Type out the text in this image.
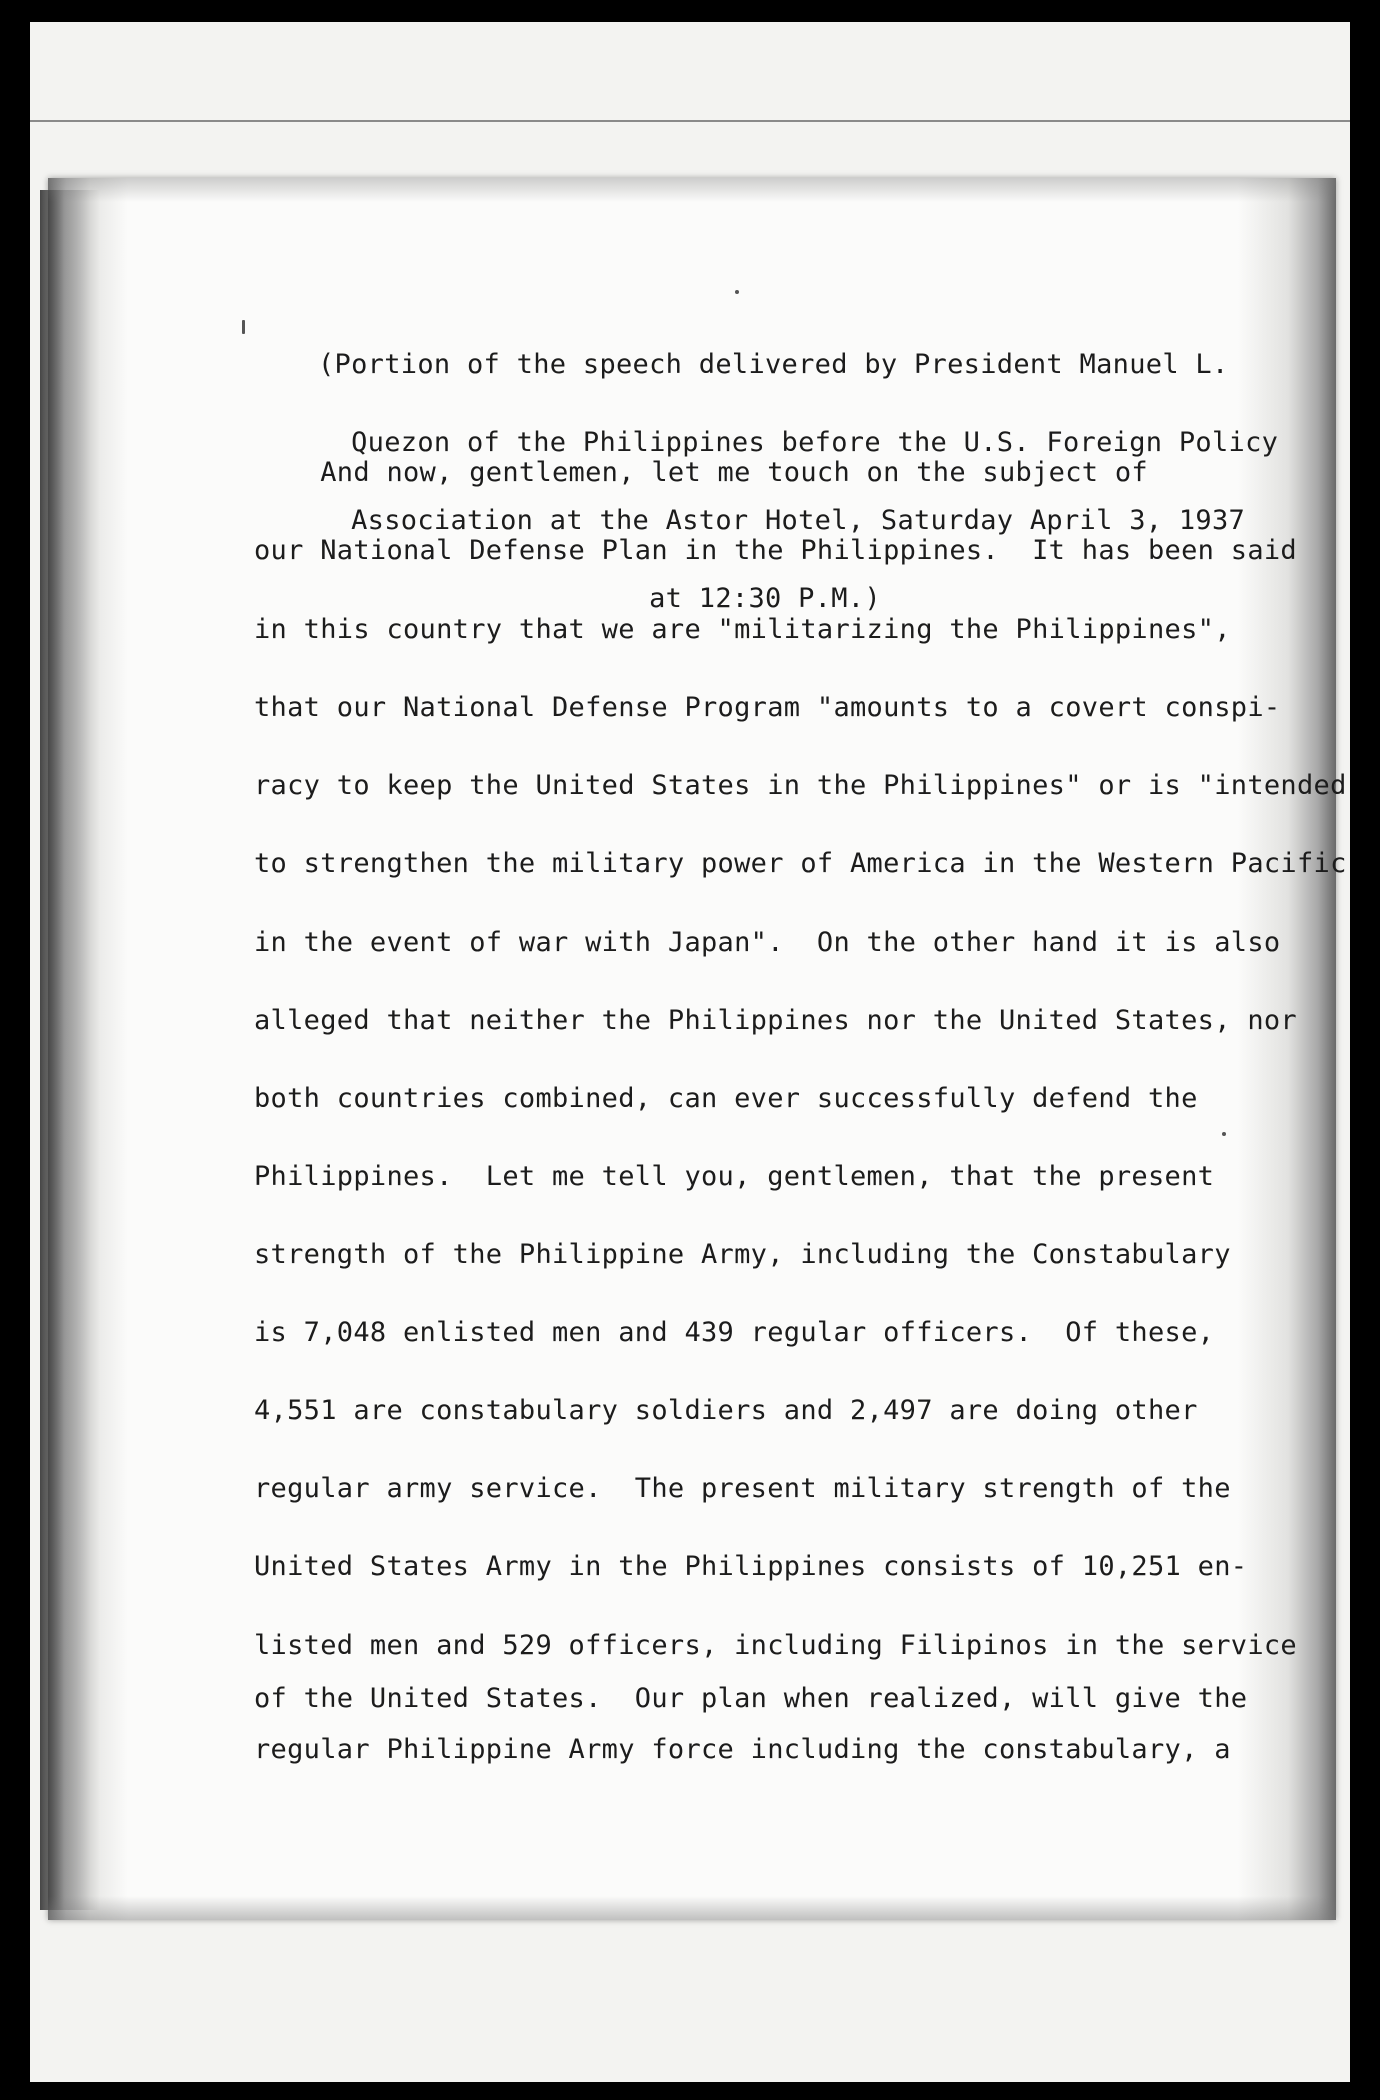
(Portion of the speech delivered by President Manuel L.

Quezon of the Philippines before the U.S. Foreign Policy

Association at the Astor Hotel, Saturday April 3, 1937

at 12:30 P.M.)

And now, gentlemen, let me touch on the subject of

our National Defense Plan in the Philippines.  It has been said

in this country that we are "militarizing the Philippines",

that our National Defense Program "amounts to a covert conspi-

racy to keep the United States in the Philippines" or is "intended

to strengthen the military power of America in the Western Pacific

in the event of war with Japan".  On the other hand it is also

alleged that neither the Philippines nor the United States, nor

both countries combined, can ever successfully defend the

Philippines.  Let me tell you, gentlemen, that the present

strength of the Philippine Army, including the Constabulary

is 7,048 enlisted men and 439 regular officers.  Of these,

4,551 are constabulary soldiers and 2,497 are doing other

regular army service.  The present military strength of the

United States Army in the Philippines consists of 10,251 en-

listed men and 529 officers, including Filipinos in the service

of the United States.  Our plan when realized, will give the

regular Philippine Army force including the constabulary, a
